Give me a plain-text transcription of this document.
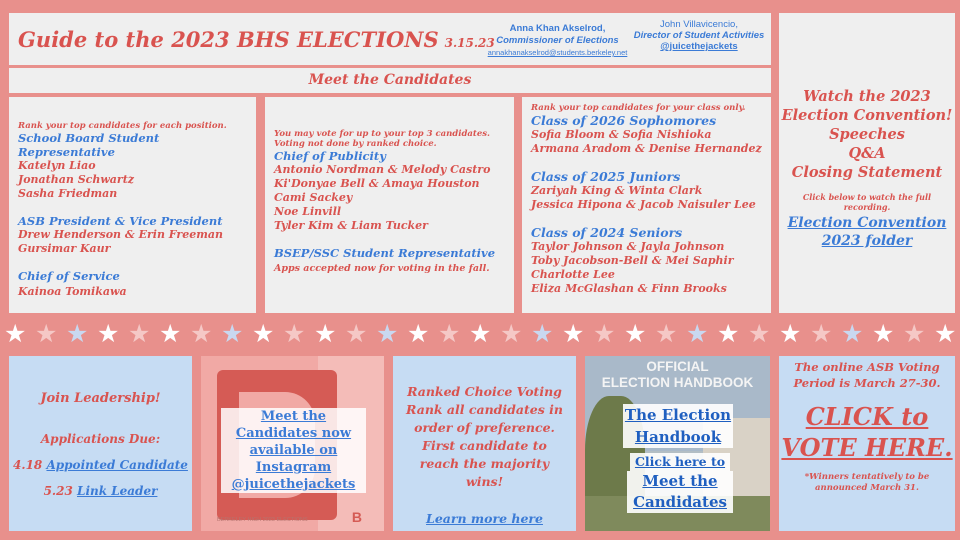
Guide to the 2023 BHS ELECTIONS 3.15.23
Anna Khan Akselrod,
Commissioner of Elections
annakhanakselrod@students.berkeley.net
John Villavicencio,
Director of Student Activities
@juicethejackets
Meet the Candidates
Rank your top candidates for each position.
School Board Student Representative
Katelyn Liao
Jonathan Schwartz
Sasha Friedman
ASB President & Vice President
Drew Henderson & Erin Freeman
Gursimar Kaur
Chief of Service
Kainoa Tomikawa
You may vote for up to your top 3 candidates. Voting not done by ranked choice.
Chief of Publicity
Antonio Nordman & Melody Castro
Ki'Donyae Bell & Amaya Houston
Cami Sackey
Noe Linvill
Tyler Kim & Liam Tucker
BSEP/SSC Student Representative
Apps accepted now for voting in the fall.
Rank your top candidates for your class only.
Class of 2026 Sophomores
Sofia Bloom & Sofia Nishioka
Armana Aradom & Denise Hernandez
Class of 2025 Juniors
Zariyah King & Winta Clark
Jessica Hipona & Jacob Naisuler Lee
Class of 2024 Seniors
Taylor Johnson & Jayla Johnson
Toby Jacobson-Bell & Mei Saphir
Charlotte Lee
Eliza McGlashan & Finn Brooks
Watch the 2023
Election Convention!
Speeches
Q&A
Closing Statement
Click below to watch the full recording.
Election Convention 2023 folder
★ ★ ★ ★ ★ ★ ★ ★ ★ ★ ★ ★ ★ ★ ★ ★ ★ ★ ★ ★ ★ ★ ★ ★ ★ ★ ★ ★ ★ ★ ★
Join Leadership!
Applications Due:
4.18 Appointed Candidate
5.23 Link Leader
BERKELEY HIGH 2023 ELECTIONS	B
Meet the Candidates now available on Instagram @juicethejackets
Ranked Choice Voting Rank all candidates in order of preference. First candidate to reach the majority wins!
Learn more here
OFFICIAL
ELECTION HANDBOOK
The Election Handbook
Click here to
Meet the Candidates
The online ASB Voting Period is March 27-30.
CLICK to VOTE HERE.
*Winners tentatively to be announced March 31.
